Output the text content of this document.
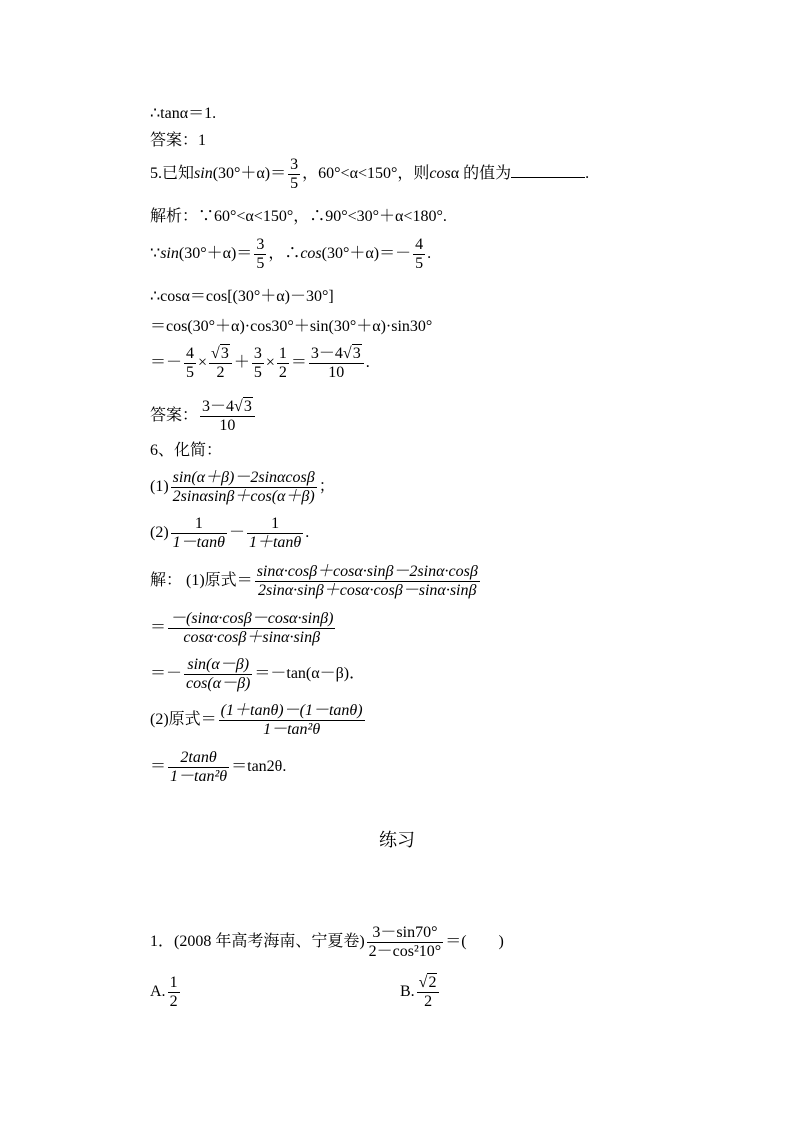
∴tanα＝1.
答案：1
5.已知$\sin(30^\circ+\alpha)= \frac{3}{5}$ ，60°<α<150°，则cosα 的值为	.
解析：∵60°<α<150°，∴90°<30°＋α<180°.
∵sin(30°＋α)＝ $\frac{3}{5}$ ，∴cos(30°＋α)＝－ $\frac{4}{5}$ .
∴cosα＝cos[(30°＋α)－30°]
＝cos(30°＋α)·cos30°＋sin(30°＋α)·sin30°
＝－ $\frac{4}{5} \times \frac{√3}{2} + \frac{3}{5} \times \frac{1}{2} = \frac{3-4√3}{10}$ .
答案： $\frac{3-4√3}{10}$
6、化简：
$(1) \frac{\sin(\alpha+\beta)-2\sin\alpha\cos\beta}{2\sin\alpha\sin\beta+\cos(\alpha+\beta)}$ ；
$(2) \frac{1}{1-\tan\theta} - \frac{1}{1+\tan\theta}$ .
解： (1)原式＝ $\frac{\sin\alpha\cdot\cos\beta+\cos\alpha\cdot\sin\beta-2\sin\alpha\cdot\cos\beta}{2\sin\alpha\cdot\sin\beta+\cos\alpha\cdot\cos\beta-\sin\alpha\cdot\sin\beta}$
＝ $\frac{-(\sin\alpha\cdot\cos\beta-\cos\alpha\cdot\sin\beta)}{\cos\alpha\cdot\cos\beta+\sin\alpha\cdot\sin\beta}$
＝－ $\frac{\sin(\alpha-\beta)}{\cos(\alpha-\beta)} =-\tan(\alpha-\beta)$．
(2)原式＝ $\frac{(1+\tan\theta)-(1-\tan\theta)}{\text{1－tan²θ}}$
＝ $\frac{2\tan\theta}{\text{1－tan²θ}} =\tan 2\theta$.
练习
1．(2008 年高考海南、宁夏卷) $\frac{3-\sin 70^\circ}{\text{2－cos²10°}}$ ＝(　　)
A. $\frac{1}{2}$	B. $\frac{√2}{2}$
